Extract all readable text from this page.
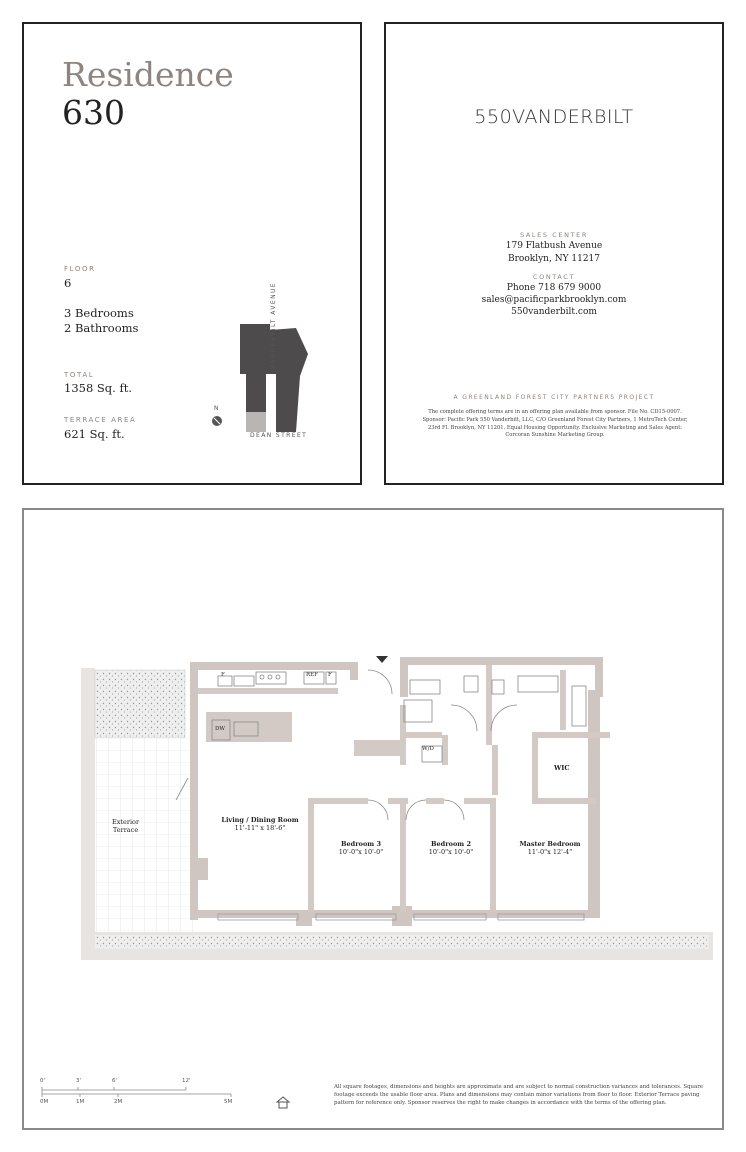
Residence
630
FLOOR
6
3 Bedrooms
2 Bathrooms
TOTAL
1358 Sq. ft.
TERRACE AREA
621 Sq. ft.
N
DEAN STREET
VANDERBILT AVENUE
550VANDERBILT
SALES CENTER
179 Flatbush Avenue
Brooklyn, NY 11217
CONTACT
Phone 718 679 9000
sales@pacificparkbrooklyn.com
550vanderbilt.com
A GREENLAND FOREST CITY PARTNERS PROJECT
The complete offering terms are in an offering plan available from sponsor. File No. CD15-0007. Sponsor: Pacific Park 550 Vanderbilt, LLC, C/O Greenland Forest City Partners, 1 MetroTech Center, 23rd Fl. Brooklyn, NY 11201. Equal Housing Opportunity. Exclusive Marketing and Sales Agent: Corcoran Sunshine Marketing Group.
Exterior
Terrace
Living / Dining Room
11'-11" x 18'-6"
Bedroom 3
10'-0"x 10'-0"
Bedroom 2
10'-0"x 10'-0"
Master Bedroom
11'-0"x 12'-4"
WIC
W/D
DW
REF
F	F
0'	3'	6'	12'
0M	1M	2M	5M
All square footages, dimensions and heights are approximate and are subject to normal construction variances and tolerances. Square footage exceeds the usable floor area. Plans and dimensions may contain minor variations from floor to floor. Exterior Terrace paving pattern for reference only. Sponsor reserves the right to make changes in accordance with the terms of the offering plan.
